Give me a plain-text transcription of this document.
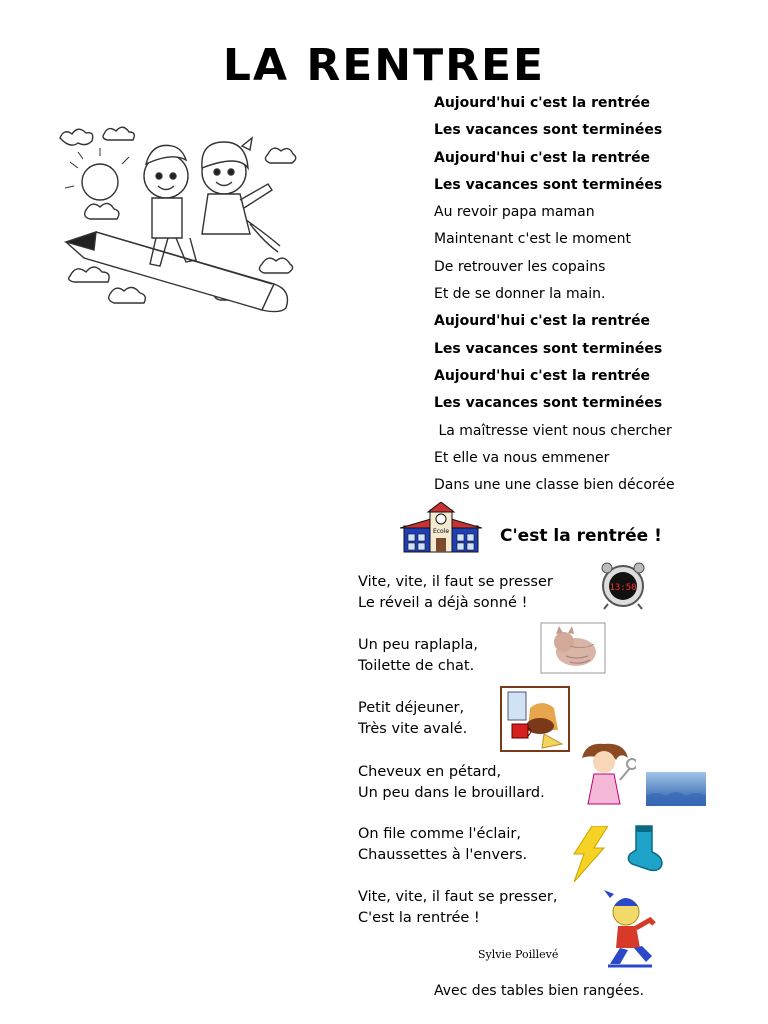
LA RENTREE
Aujourd'hui c'est la rentrée
Les vacances sont terminées
Aujourd'hui c'est la rentrée
Les vacances sont terminées
Au revoir papa maman
Maintenant c'est le moment
De retrouver les copains
Et de se donner la main.
Aujourd'hui c'est la rentrée
Les vacances sont terminées
Aujourd'hui c'est la rentrée
Les vacances sont terminées
La maîtresse vient nous chercher
Et elle va nous emmener
Dans une une classe bien décorée
Ecole	C'est la rentrée !
Vite, vite, il faut se presser
Le réveil a déjà sonné !
Un peu raplapla,
Toilette de chat.
Petit déjeuner,
Très vite avalé.
Cheveux en pétard,
Un peu dans le brouillard.
On file comme l'éclair,
Chaussettes à l'envers.
Vite, vite, il faut se presser,
C'est la rentrée !
13:50
Sylvie Poillevé
Avec des tables bien rangées.
